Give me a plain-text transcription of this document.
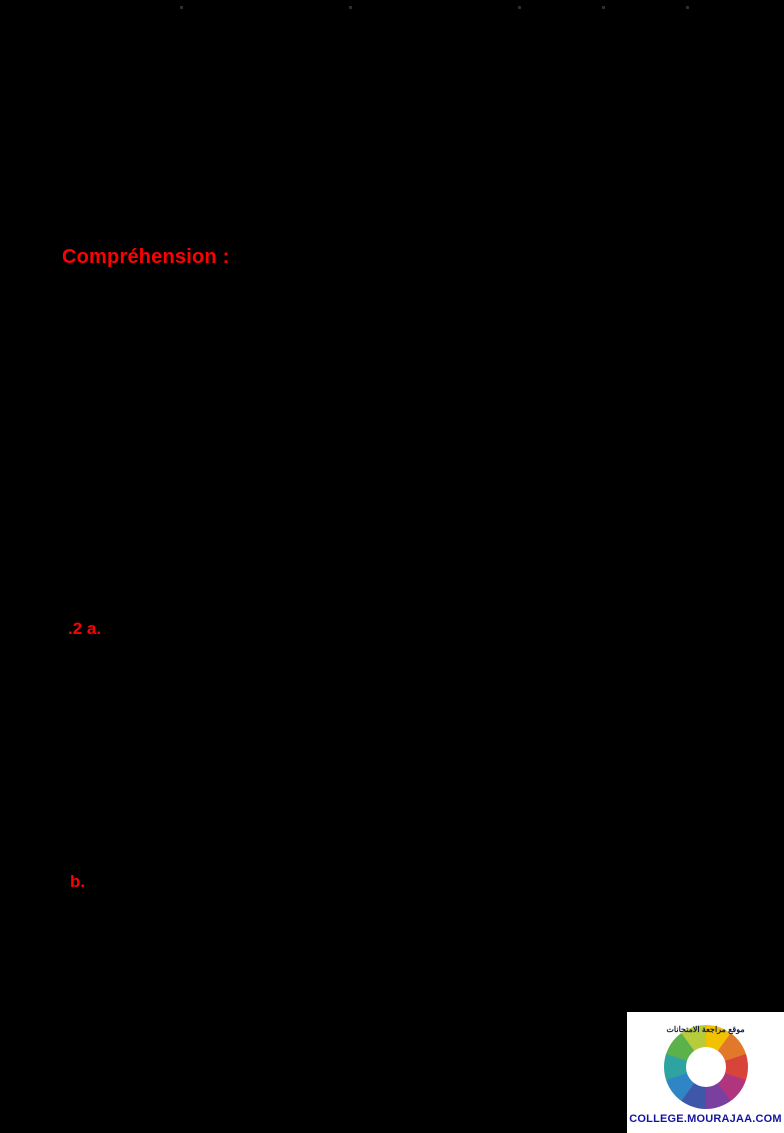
Compréhension :
.2 a.
b.
موقع مراجعة الامتحانات
COLLEGE.MOURAJAA.COM
